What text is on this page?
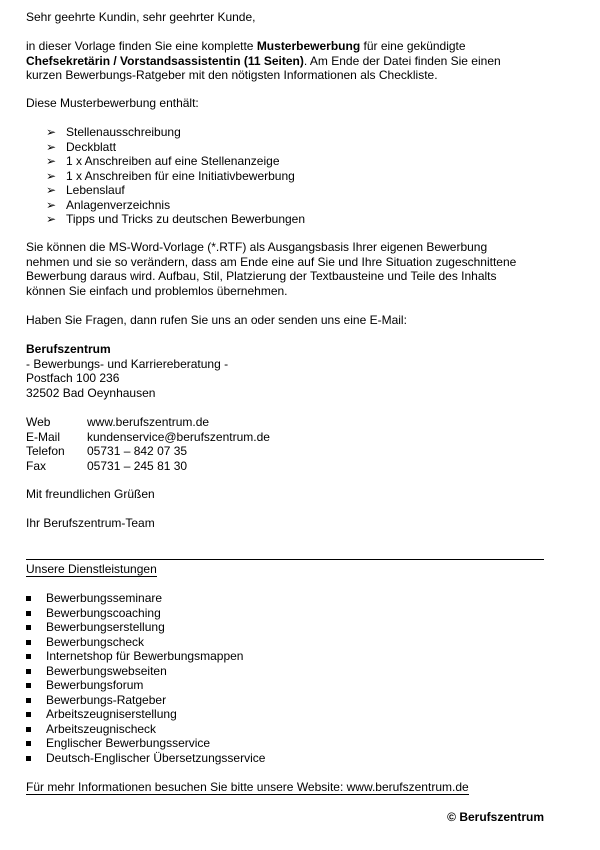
Sehr geehrte Kundin, sehr geehrter Kunde,

in dieser Vorlage finden Sie eine komplette Musterbewerbung für eine gekündigte

Chefsekretärin / Vorstandsassistentin (11 Seiten). Am Ende der Datei finden Sie einen

kurzen Bewerbungs-Ratgeber mit den nötigsten Informationen als Checkliste.

Diese Musterbewerbung enthält:

➢ Stellenausschreibung
➢ Deckblatt
➢ 1 x Anschreiben auf eine Stellenanzeige
➢ 1 x Anschreiben für eine Initiativbewerbung
➢ Lebenslauf
➢ Anlagenverzeichnis
➢ Tipps und Tricks zu deutschen Bewerbungen

Sie können die MS-Word-Vorlage (*.RTF) als Ausgangsbasis Ihrer eigenen Bewerbung

nehmen und sie so verändern, dass am Ende eine auf Sie und Ihre Situation zugeschnittene

Bewerbung daraus wird. Aufbau, Stil, Platzierung der Textbausteine und Teile des Inhalts

können Sie einfach und problemlos übernehmen.

Haben Sie Fragen, dann rufen Sie uns an oder senden uns eine E-Mail:

Berufszentrum

- Bewerbungs- und Karriereberatung -

Postfach 100 236

32502 Bad Oeynhausen

Web	www.berufszentrum.de
E-Mail	kundenservice@berufszentrum.de
Telefon	05731 – 842 07 35
Fax	05731 – 245 81 30

Mit freundlichen Grüßen

Ihr Berufszentrum-Team

Unsere Dienstleistungen

Bewerbungsseminare
Bewerbungscoaching
Bewerbungserstellung
Bewerbungscheck
Internetshop für Bewerbungsmappen
Bewerbungswebseiten
Bewerbungsforum
Bewerbungs-Ratgeber
Arbeitszeugniserstellung
Arbeitszeugnischeck
Englischer Bewerbungsservice
Deutsch-Englischer Übersetzungsservice

Für mehr Informationen besuchen Sie bitte unsere Website: www.berufszentrum.de

© Berufszentrum
